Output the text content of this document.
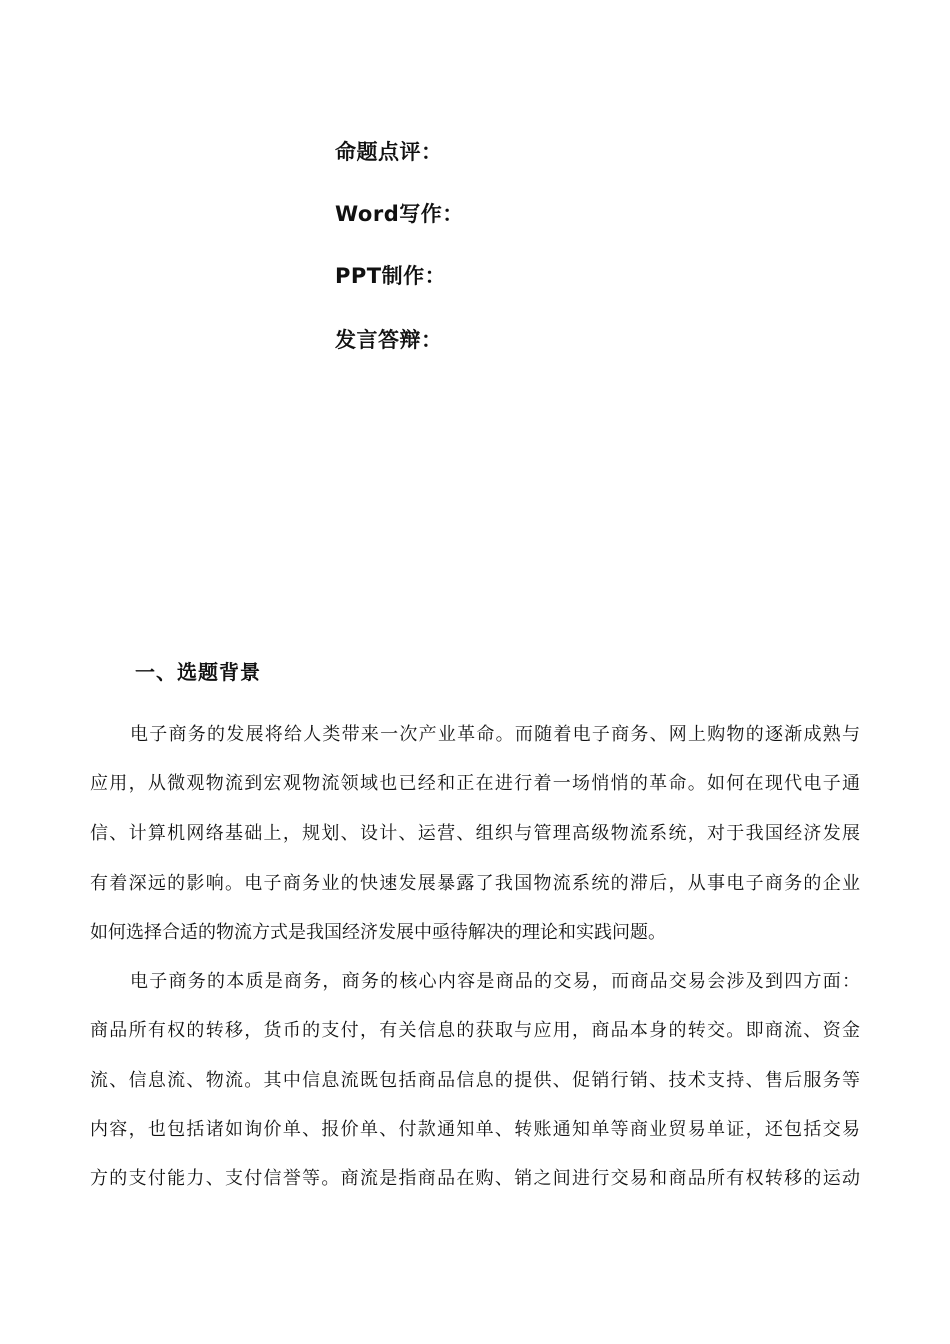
命题点评：
Word写作：
PPT制作：
发言答辩：
一、选题背景
电子商务的发展将给人类带来一次产业革命。而随着电子商务、网上购物的逐渐成熟与
应用，从微观物流到宏观物流领域也已经和正在进行着一场悄悄的革命。如何在现代电子通
信、计算机网络基础上，规划、设计、运营、组织与管理高级物流系统，对于我国经济发展
有着深远的影响。电子商务业的快速发展暴露了我国物流系统的滞后，从事电子商务的企业
如何选择合适的物流方式是我国经济发展中亟待解决的理论和实践问题。
电子商务的本质是商务，商务的核心内容是商品的交易，而商品交易会涉及到四方面：
商品所有权的转移，货币的支付，有关信息的获取与应用，商品本身的转交。即商流、资金
流、信息流、物流。其中信息流既包括商品信息的提供、促销行销、技术支持、售后服务等
内容，也包括诸如询价单、报价单、付款通知单、转账通知单等商业贸易单证，还包括交易
方的支付能力、支付信誉等。商流是指商品在购、销之间进行交易和商品所有权转移的运动
